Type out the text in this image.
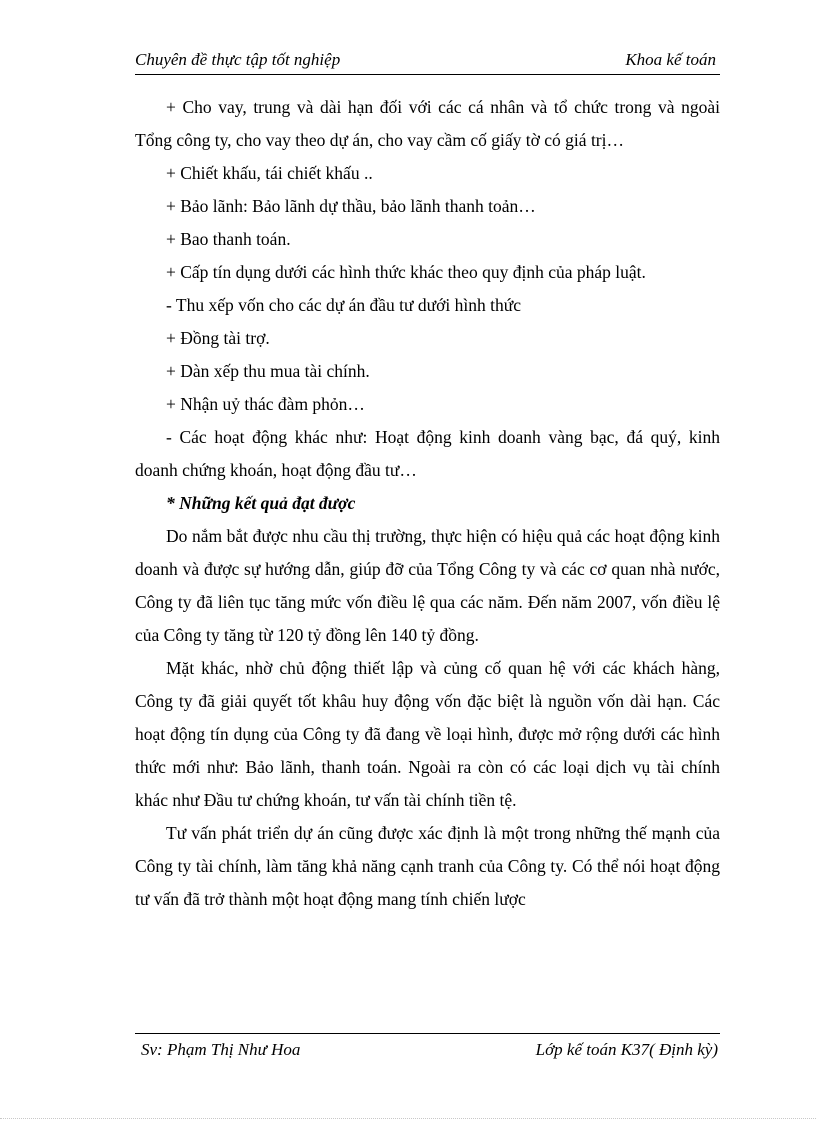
Chuyên đề thực tập tốt nghiệp	Khoa kế toán

+ Cho vay, trung và dài hạn đối với các cá nhân và tổ chức trong và ngoài Tổng công ty, cho vay theo dự án, cho vay cầm cố giấy tờ có giá trị…

+ Chiết khấu, tái chiết khấu ..

+ Bảo lãnh: Bảo lãnh dự thầu, bảo lãnh thanh toản…

+ Bao thanh toán.

+ Cấp tín dụng dưới các hình thức khác theo quy định của pháp luật.

- Thu xếp vốn cho các dự án đầu tư dưới hình thức

+ Đồng tài trợ.

+ Dàn xếp thu mua tài chính.

+ Nhận uỷ thác đàm phỏn…

- Các hoạt động khác như: Hoạt động kinh doanh vàng bạc, đá quý, kinh doanh chứng khoán, hoạt động đầu tư…

* Những kết quả đạt được

Do nắm bắt được nhu cầu thị trường, thực hiện có hiệu quả các hoạt động kinh doanh và được sự hướng dẫn, giúp đỡ của Tổng Công ty và các cơ quan nhà nước, Công ty đã liên tục tăng mức vốn điều lệ qua các năm. Đến năm 2007, vốn điều lệ của Công ty tăng từ 120 tỷ đồng lên 140 tỷ đồng.

Mặt khác, nhờ chủ động thiết lập và củng cố quan hệ với các khách hàng, Công ty đã giải quyết tốt khâu huy động vốn đặc biệt là nguồn vốn dài hạn. Các hoạt động tín dụng của Công ty đã đang về loại hình, được mở rộng dưới các hình thức mới như: Bảo lãnh, thanh toán. Ngoài ra còn có các loại dịch vụ tài chính khác như Đầu tư chứng khoán, tư vấn tài chính tiền tệ.

Tư vấn phát triển dự án cũng được xác định là một trong những thế mạnh của Công ty tài chính, làm tăng khả năng cạnh tranh của Công ty. Có thể nói hoạt động tư vấn đã trở thành một hoạt động mang tính chiến lược

Sv: Phạm Thị Như Hoa	Lớp kế toán K37( Định kỳ)
